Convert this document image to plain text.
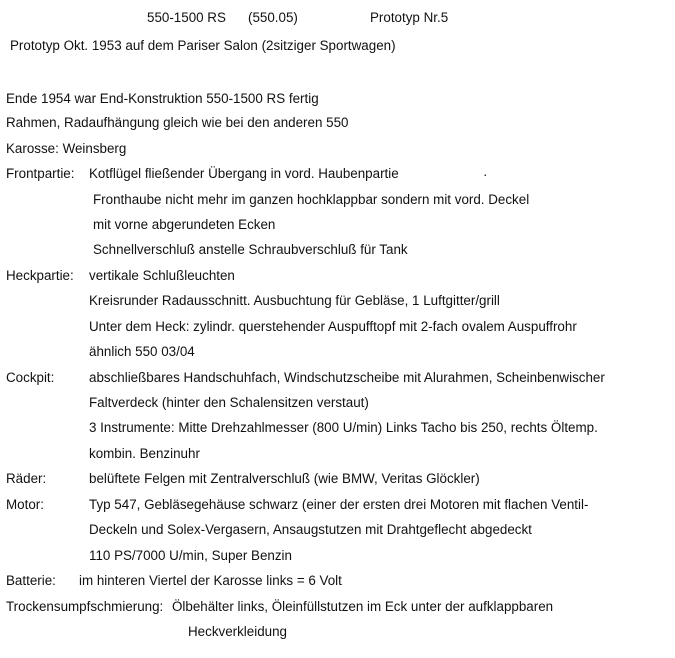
550-1500 RS (550.05)	Prototyp Nr.5
Prototyp Okt. 1953 auf dem Pariser Salon (2sitziger Sportwagen)
Ende 1954 war End-Konstruktion 550-1500 RS fertig
Rahmen, Radaufhängung gleich wie bei den anderen 550
Karosse: Weinsberg
Frontpartie: Kotflügel fließender Übergang in vord. Haubenpartie	·
Fronthaube nicht mehr im ganzen hochklappbar sondern mit vord. Deckel
mit vorne abgerundeten Ecken
Schnellverschluß anstelle Schraubverschluß für Tank
Heckpartie: vertikale Schlußleuchten
Kreisrunder Radausschnitt. Ausbuchtung für Gebläse, 1 Luftgitter/grill
Unter dem Heck: zylindr. querstehender Auspufftopf mit 2-fach ovalem Auspuffrohr
ähnlich 550 03/04
Cockpit:	abschließbares Handschuhfach, Windschutzscheibe mit Alurahmen, Scheinbenwischer
Faltverdeck (hinter den Schalensitzen verstaut)
3 Instrumente: Mitte Drehzahlmesser (800 U/min) Links Tacho bis 250, rechts Öltemp.
kombin. Benzinuhr
Räder:	belüftete Felgen mit Zentralverschluß (wie BMW, Veritas Glöckler)
Motor:	Typ 547, Gebläsegehäuse schwarz (einer der ersten drei Motoren mit flachen Ventil-
Deckeln und Solex-Vergasern, Ansaugstutzen mit Drahtgeflecht abgedeckt
110 PS/7000 U/min, Super Benzin
Batterie: im hinteren Viertel der Karosse links = 6 Volt
Trockensumpfschmierung: Ölbehälter links, Öleinfüllstutzen im Eck unter der aufklappbaren
Heckverkleidung
